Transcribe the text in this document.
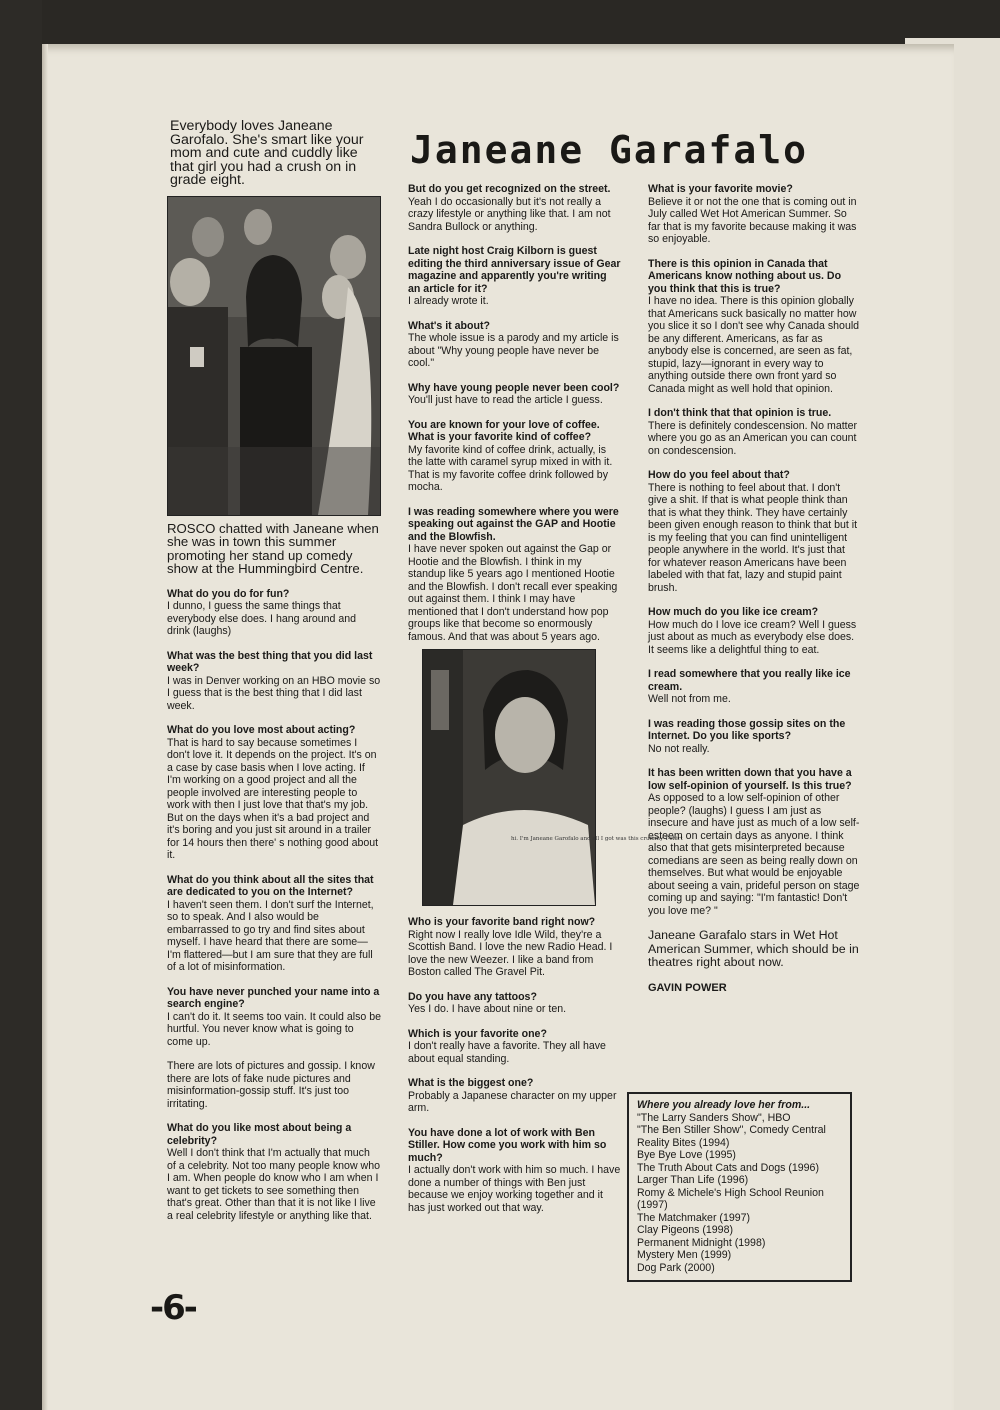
Janeane Garafalo
Everybody loves Janeane Garofalo. She's smart like your mom and cute and cuddly like that girl you had a crush on in grade eight.
ROSCO chatted with Janeane when she was in town this summer promoting her stand up comedy show at the Hummingbird Centre.
What do you do for fun?
I dunno, I guess the same things that everybody else does. I hang around and drink (laughs)
What was the best thing that you did last week?
I was in Denver working on an HBO movie so I guess that is the best thing that I did last week.
What do you love most about acting?
That is hard to say because sometimes I don't love it. It depends on the project. It's on a case by case basis when I love acting. If I'm working on a good project and all the people involved are interesting people to work with then I just love that that's my job. But on the days when it's a bad project and it's boring and you just sit around in a trailer for 14 hours then there' s nothing good about it.
What do you think about all the sites that are dedicated to you on the Internet?
I haven't seen them. I don't surf the Internet, so to speak. And I also would be embarrassed to go try and find sites about myself. I have heard that there are some—I'm flattered—but I am sure that they are full of a lot of misinformation.
You have never punched your name into a search engine?
I can't do it. It seems too vain. It could also be hurtful. You never know what is going to come up.
There are lots of pictures and gossip. I know there are lots of fake nude pictures and misinformation-gossip stuff. It's just too irritating.
What do you like most about being a celebrity?
Well I don't think that I'm actually that much of a celebrity. Not too many people know who I am. When people do know who I am when I want to get tickets to see something then that's great. Other than that it is not like I live a real celebrity lifestyle or anything like that.
But do you get recognized on the street.
Yeah I do occasionally but it's not really a crazy lifestyle or anything like that. I am not Sandra Bullock or anything.
Late night host Craig Kilborn is guest editing the third anniversary issue of Gear magazine and apparently you're writing an article for it?
I already wrote it.
What's it about?
The whole issue is a parody and my article is about "Why young people have never be cool."
Why have young people never been cool?
You'll just have to read the article I guess.
You are known for your love of coffee. What is your favorite kind of coffee?
My favorite kind of coffee drink, actually, is the latte with caramel syrup mixed in with it. That is my favorite coffee drink followed by mocha.
I was reading somewhere where you were speaking out against the GAP and Hootie and the Blowfish.
I have never spoken out against the Gap or Hootie and the Blowfish. I think in my standup like 5 years ago I mentioned Hootie and the Blowfish. I don't recall ever speaking out against them. I think I may have mentioned that I don't understand how pop groups like that become so enormously famous. And that was about 5 years ago.
hi. I'm Janeane Garofalo and all I got was this crummy T-shirt
Who is your favorite band right now?
Right now I really love Idle Wild, they're a Scottish Band. I love the new Radio Head. I love the new Weezer. I like a band from Boston called The Gravel Pit.
Do you have any tattoos?
Yes I do. I have about nine or ten.
Which is your favorite one?
I don't really have a favorite. They all have about equal standing.
What is the biggest one?
Probably a Japanese character on my upper arm.
You have done a lot of work with Ben Stiller. How come you work with him so much?
I actually don't work with him so much. I have done a number of things with Ben just because we enjoy working together and it has just worked out that way.
What is your favorite movie?
Believe it or not the one that is coming out in July called Wet Hot American Summer. So far that is my favorite because making it was so enjoyable.
There is this opinion in Canada that Americans know nothing about us. Do you think that this is true?
I have no idea. There is this opinion globally that Americans suck basically no matter how you slice it so I don't see why Canada should be any different. Americans, as far as anybody else is concerned, are seen as fat, stupid, lazy—ignorant in every way to anything outside there own front yard so Canada might as well hold that opinion.
I don't think that that opinion is true.
There is definitely condescension. No matter where you go as an American you can count on condescension.
How do you feel about that?
There is nothing to feel about that. I don't give a shit. If that is what people think than that is what they think. They have certainly been given enough reason to think that but it is my feeling that you can find unintelligent people anywhere in the world. It's just that for whatever reason Americans have been labeled with that fat, lazy and stupid paint brush.
How much do you like ice cream?
How much do I love ice cream? Well I guess just about as much as everybody else does. It seems like a delightful thing to eat.
I read somewhere that you really like ice cream.
Well not from me.
I was reading those gossip sites on the Internet. Do you like sports?
No not really.
It has been written down that you have a low self-opinion of yourself. Is this true?
As opposed to a low self-opinion of other people? (laughs) I guess I am just as insecure and have just as much of a low self-esteem on certain days as anyone. I think also that that gets misinterpreted because comedians are seen as being really down on themselves. But what would be enjoyable about seeing a vain, prideful person on stage coming up and saying: "I'm fantastic! Don't you love me? "
Janeane Garafalo stars in Wet Hot American Summer, which should be in theatres right about now.
GAVIN POWER
Where you already love her from...
"The Larry Sanders Show", HBO
"The Ben Stiller Show", Comedy Central
Reality Bites (1994)
Bye Bye Love (1995)
The Truth About Cats and Dogs (1996)
Larger Than Life (1996)
Romy & Michele's High School Reunion (1997)
The Matchmaker (1997)
Clay Pigeons (1998)
Permanent Midnight (1998)
Mystery Men (1999)
Dog Park (2000)
-6-
